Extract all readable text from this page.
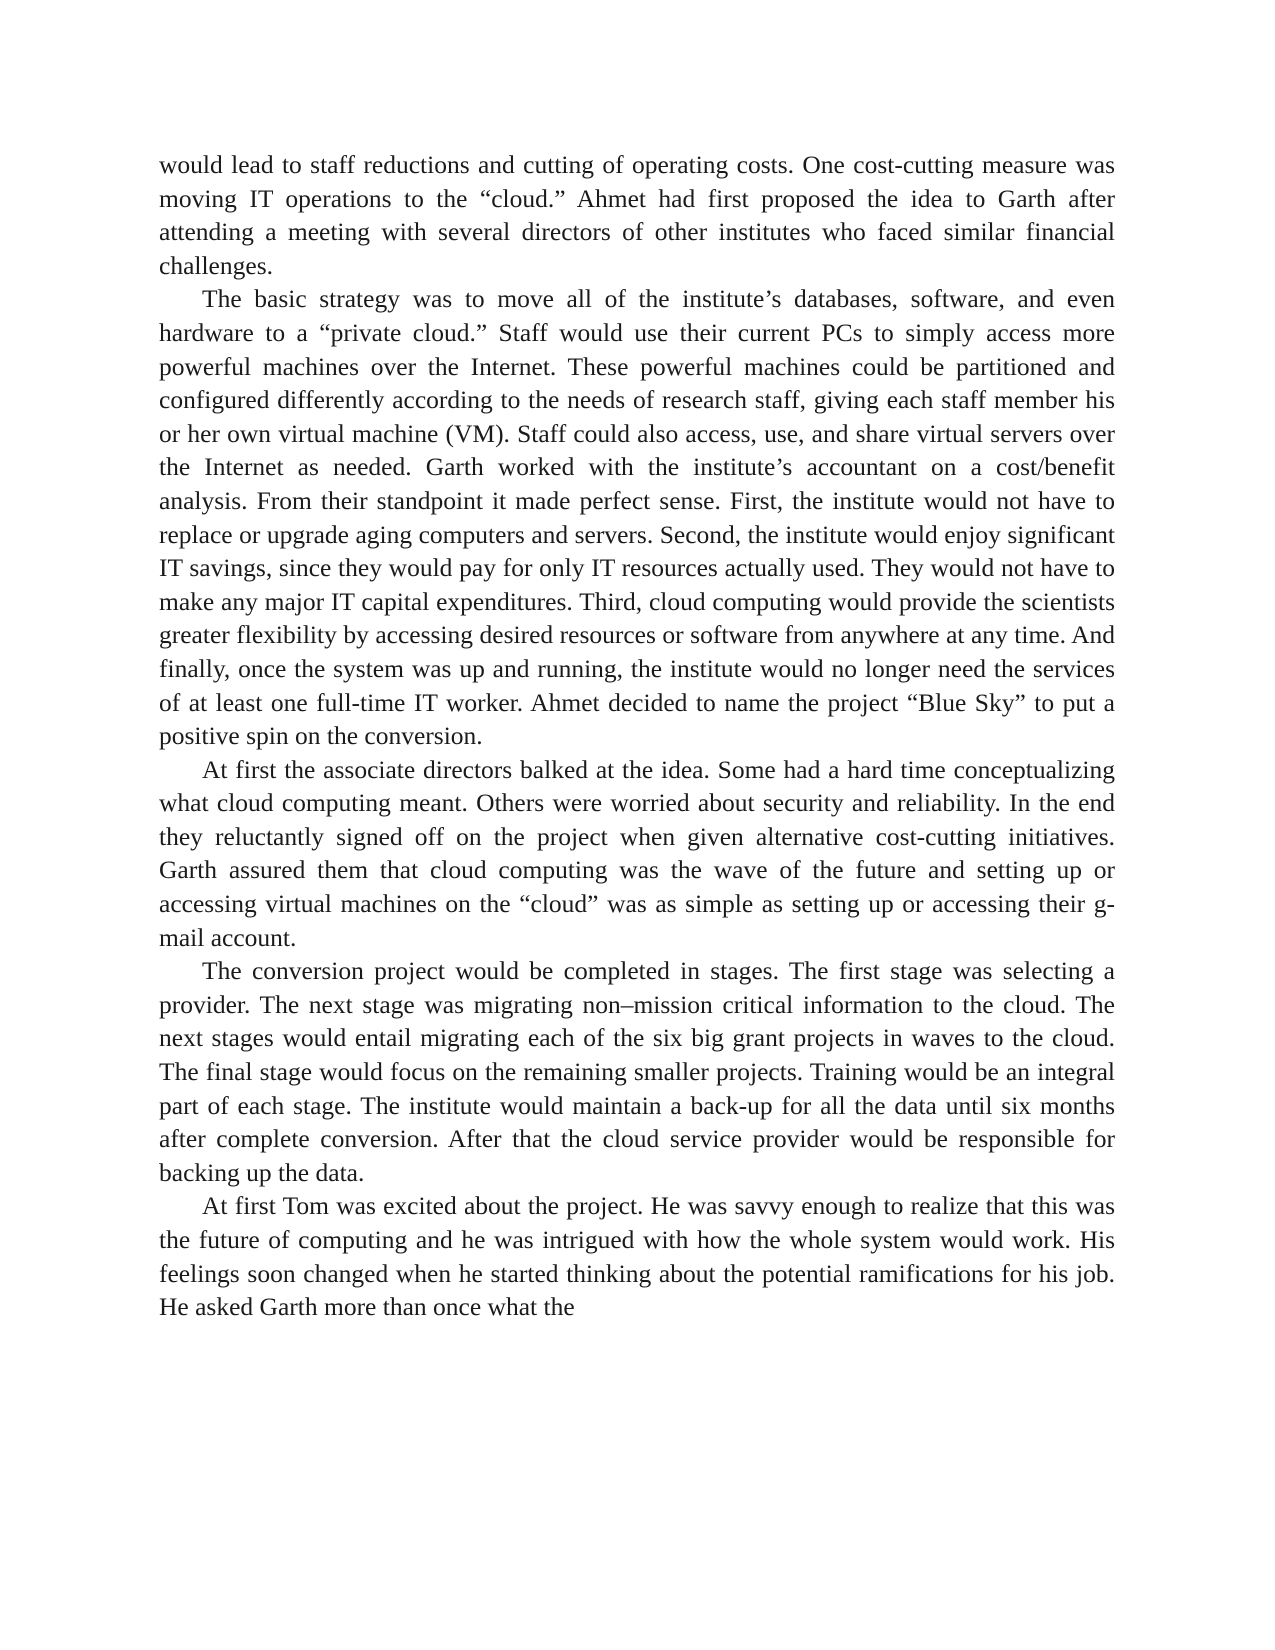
would lead to staff reductions and cutting of operating costs. One cost-cutting measure was moving IT operations to the “cloud.” Ahmet had first proposed the idea to Garth after attending a meeting with several directors of other institutes who faced similar financial challenges.

The basic strategy was to move all of the institute’s databases, software, and even hardware to a “private cloud.” Staff would use their current PCs to simply access more powerful machines over the Internet. These powerful machines could be partitioned and configured differently according to the needs of research staff, giving each staff member his or her own virtual machine (VM). Staff could also access, use, and share virtual servers over the Internet as needed. Garth worked with the institute’s accountant on a cost/benefit analysis. From their standpoint it made perfect sense. First, the institute would not have to replace or upgrade aging computers and servers. Second, the institute would enjoy significant IT savings, since they would pay for only IT resources actually used. They would not have to make any major IT capital expenditures. Third, cloud computing would provide the scientists greater flexibility by accessing desired resources or software from anywhere at any time. And finally, once the system was up and running, the institute would no longer need the services of at least one full-time IT worker. Ahmet decided to name the project “Blue Sky” to put a positive spin on the conversion.

At first the associate directors balked at the idea. Some had a hard time conceptualizing what cloud computing meant. Others were worried about security and reliability. In the end they reluctantly signed off on the project when given alternative cost-cutting initiatives. Garth assured them that cloud computing was the wave of the future and setting up or accessing virtual machines on the “cloud” was as simple as setting up or accessing their g-mail account.

The conversion project would be completed in stages. The first stage was selecting a provider. The next stage was migrating non–mission critical information to the cloud. The next stages would entail migrating each of the six big grant projects in waves to the cloud. The final stage would focus on the remaining smaller projects. Training would be an integral part of each stage. The institute would maintain a back-up for all the data until six months after complete conversion. After that the cloud service provider would be responsible for backing up the data.

At first Tom was excited about the project. He was savvy enough to realize that this was the future of computing and he was intrigued with how the whole system would work. His feelings soon changed when he started thinking about the potential ramifications for his job. He asked Garth more than once what the
